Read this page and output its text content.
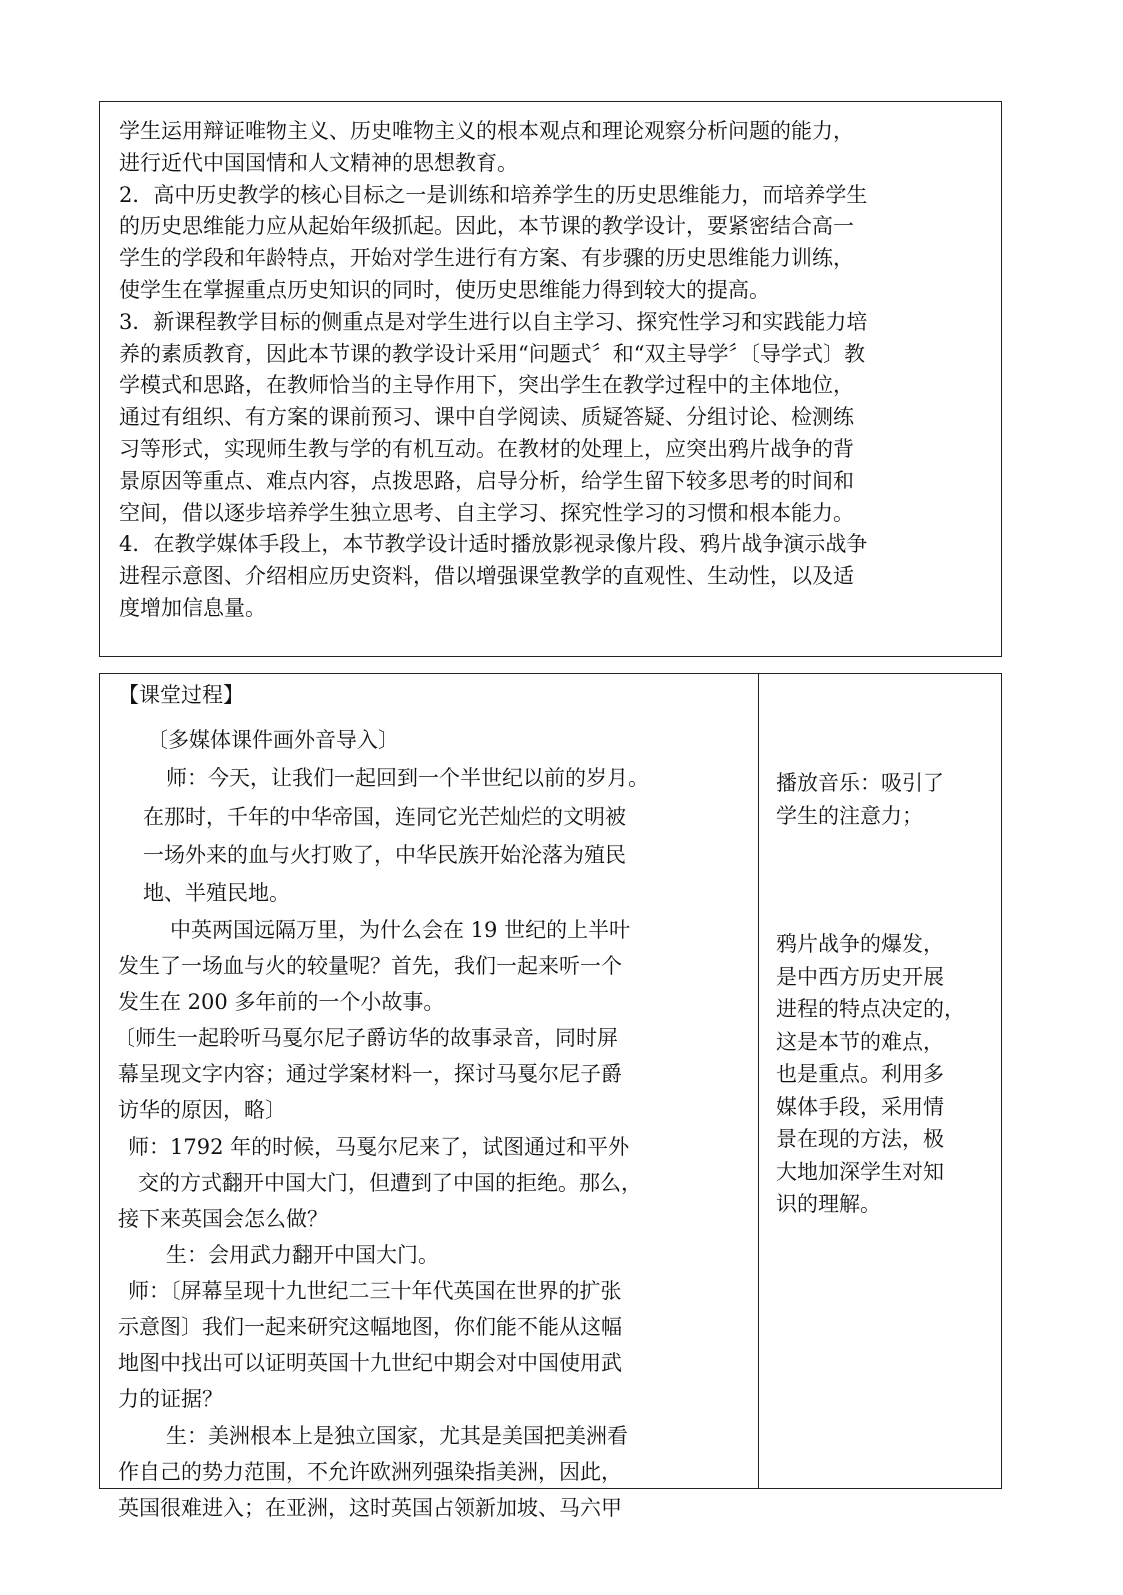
学生运用辩证唯物主义、历史唯物主义的根本观点和理论观察分析问题的能力，
进行近代中国国情和人文精神的思想教育。
2．高中历史教学的核心目标之一是训练和培养学生的历史思维能力，而培养学生
的历史思维能力应从起始年级抓起。因此，本节课的教学设计，要紧密结合高一
学生的学段和年龄特点，开始对学生进行有方案、有步骤的历史思维能力训练，
使学生在掌握重点历史知识的同时，使历史思维能力得到较大的提高。
3．新课程教学目标的侧重点是对学生进行以自主学习、探究性学习和实践能力培
养的素质教育，因此本节课的教学设计采用“问题式〞和“双主导学〞〔导学式〕教
学模式和思路，在教师恰当的主导作用下，突出学生在教学过程中的主体地位，
通过有组织、有方案的课前预习、课中自学阅读、质疑答疑、分组讨论、检测练
习等形式，实现师生教与学的有机互动。在教材的处理上，应突出鸦片战争的背
景原因等重点、难点内容，点拨思路，启导分析，给学生留下较多思考的时间和
空间，借以逐步培养学生独立思考、自主学习、探究性学习的习惯和根本能力。
4．在教学媒体手段上，本节教学设计适时播放影视录像片段、鸦片战争演示战争
进程示意图、介绍相应历史资料，借以增强课堂教学的直观性、生动性，以及适
度增加信息量。
【课堂过程】
〔多媒体课件画外音导入〕
师：今天，让我们一起回到一个半世纪以前的岁月。
在那时，千年的中华帝国，连同它光芒灿烂的文明被
一场外来的血与火打败了，中华民族开始沦落为殖民
地、半殖民地。
中英两国远隔万里，为什么会在 19 世纪的上半叶
发生了一场血与火的较量呢？首先，我们一起来听一个
发生在 200 多年前的一个小故事。
〔师生一起聆听马戛尔尼子爵访华的故事录音，同时屏
幕呈现文字内容；通过学案材料一，探讨马戛尔尼子爵
访华的原因，略〕
师：1792 年的时候，马戛尔尼来了，试图通过和平外
交的方式翻开中国大门，但遭到了中国的拒绝。那么，
接下来英国会怎么做？
生：会用武力翻开中国大门。
师：〔屏幕呈现十九世纪二三十年代英国在世界的扩张
示意图〕我们一起来研究这幅地图，你们能不能从这幅
地图中找出可以证明英国十九世纪中期会对中国使用武
力的证据？
生：美洲根本上是独立国家，尤其是美国把美洲看
作自己的势力范围，不允许欧洲列强染指美洲，因此，
英国很难进入；在亚洲，这时英国占领新加坡、马六甲
播放音乐：吸引了
学生的注意力；
鸦片战争的爆发，
是中西方历史开展
进程的特点决定的，
这是本节的难点，
也是重点。利用多
媒体手段，采用情
景在现的方法，极
大地加深学生对知
识的理解。
